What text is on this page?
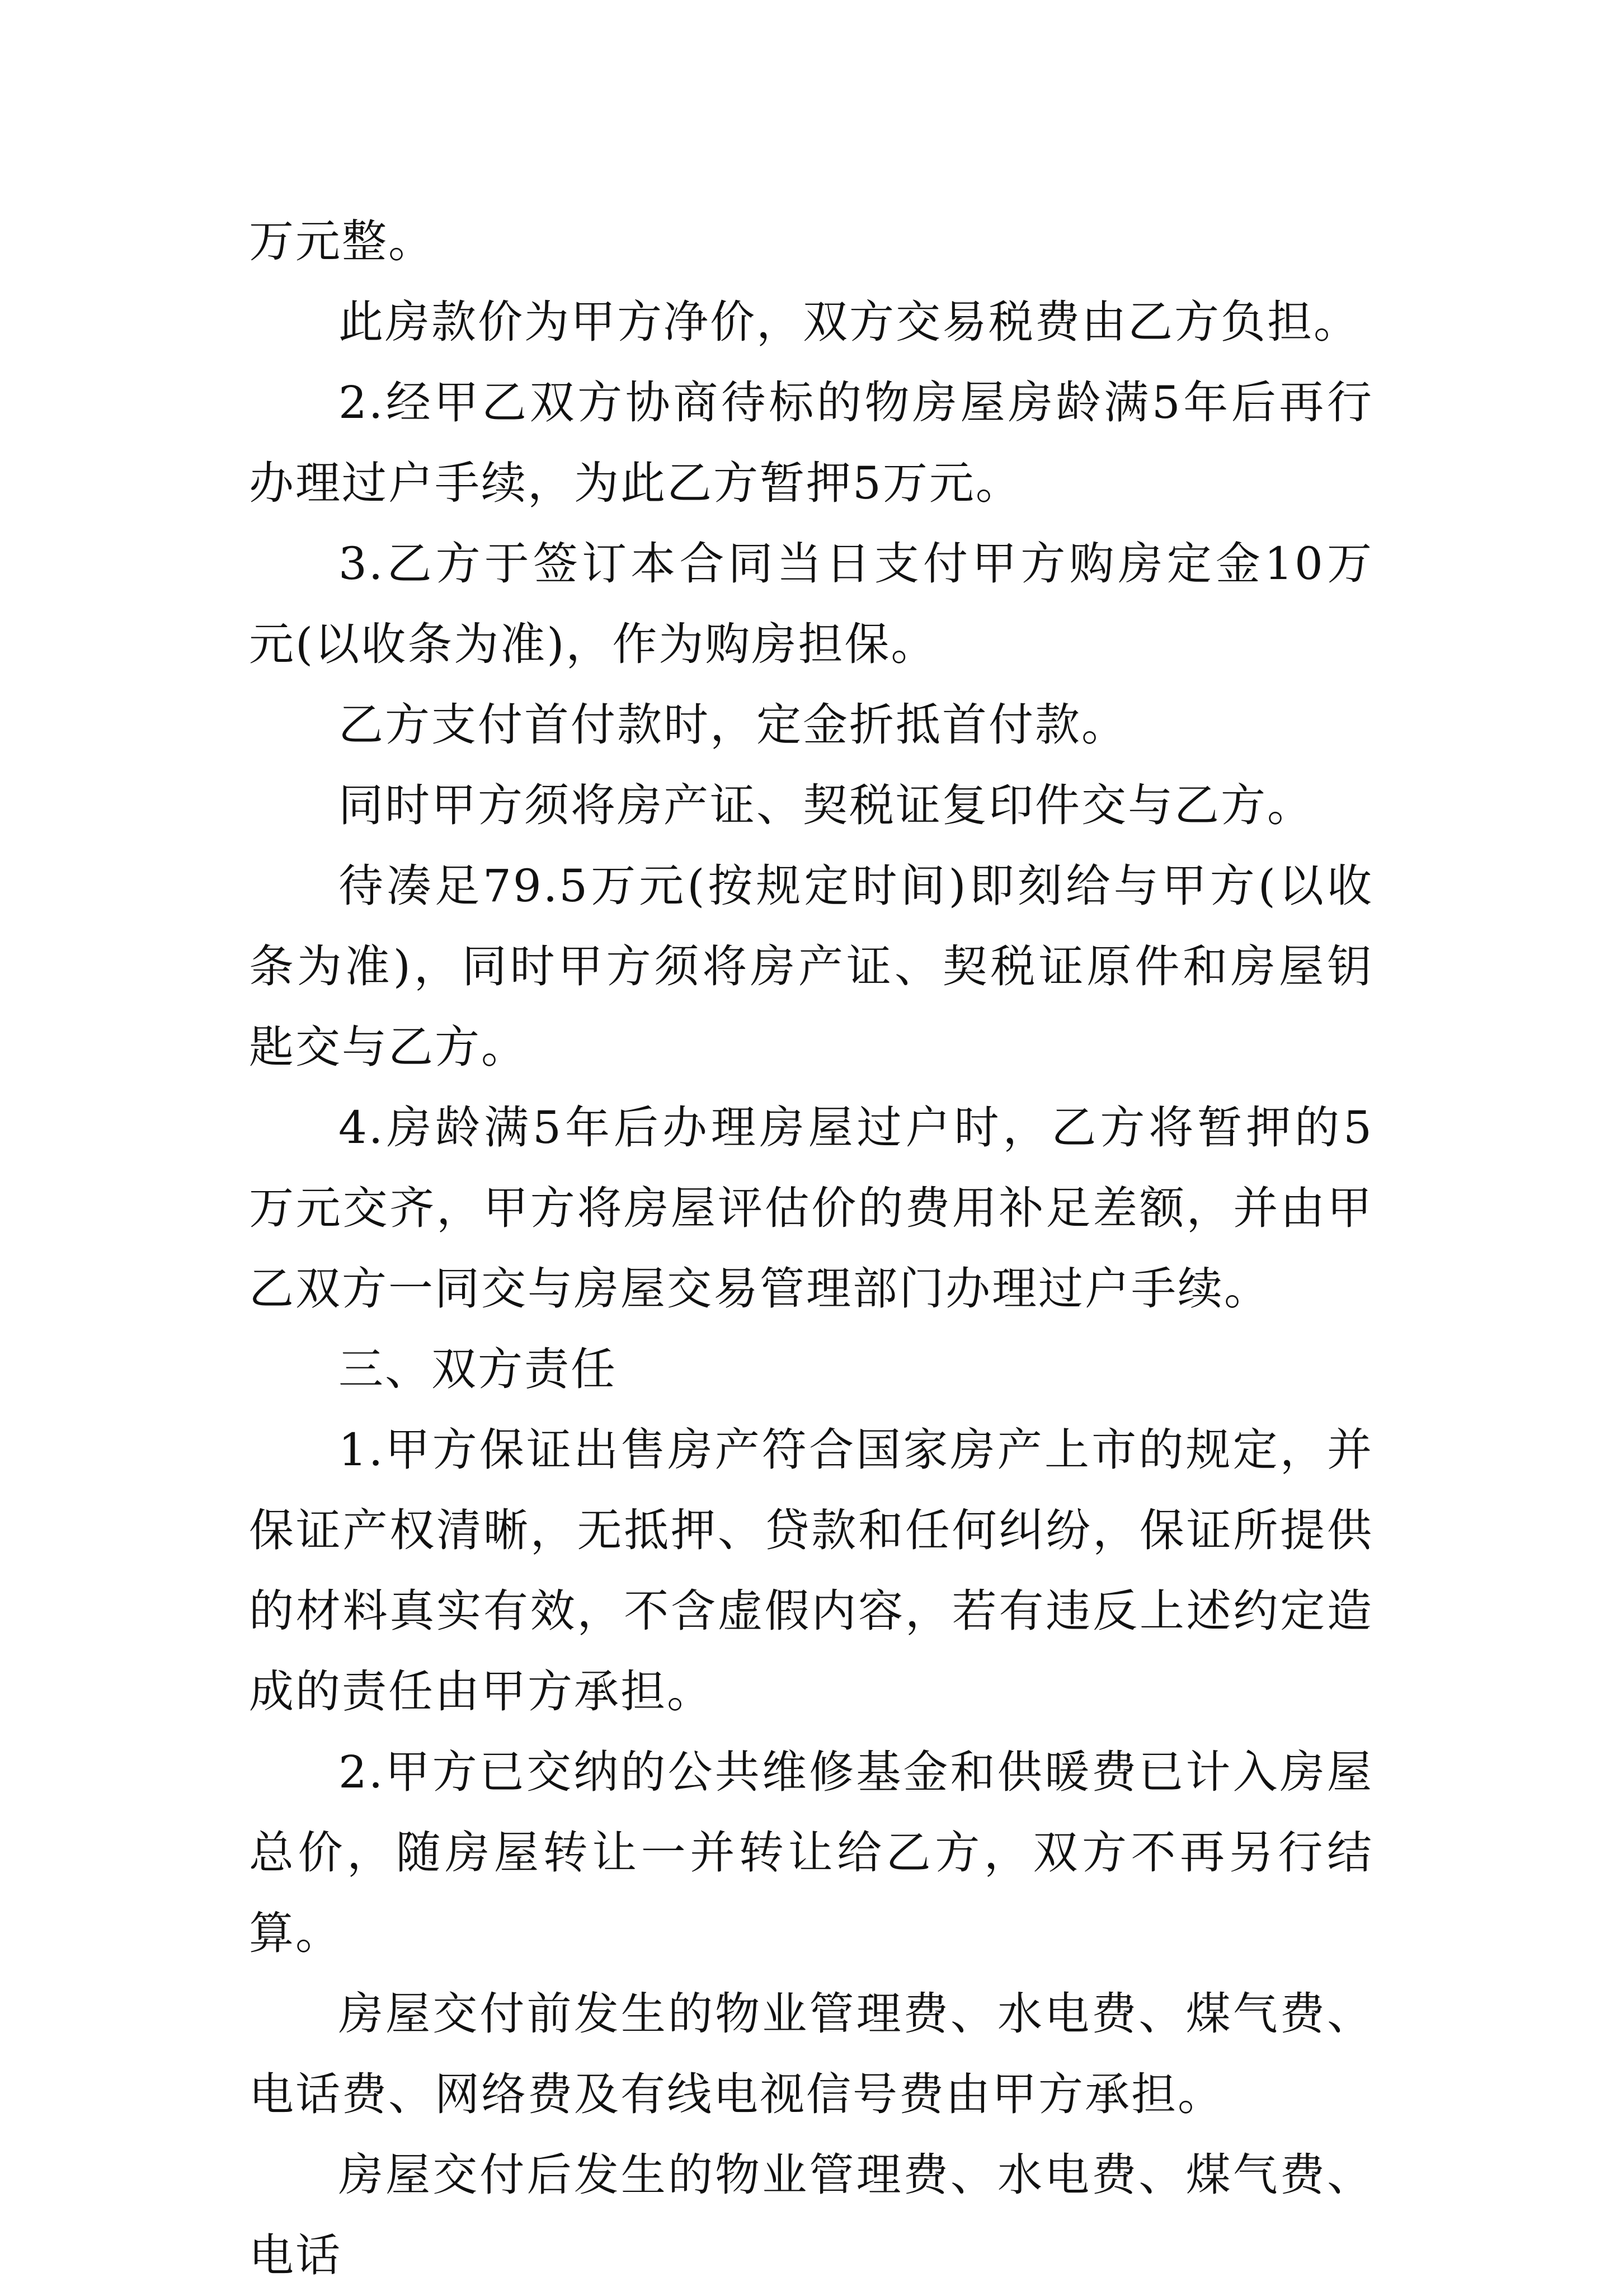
万元整。

此房款价为甲方净价，双方交易税费由乙方负担。

2.经甲乙双方协商待标的物房屋房龄满5年后再行办理过户手续，为此乙方暂押5万元。

3.乙方于签订本合同当日支付甲方购房定金10万元(以收条为准)，作为购房担保。

乙方支付首付款时，定金折抵首付款。

同时甲方须将房产证、契税证复印件交与乙方。

待凑足79.5万元(按规定时间)即刻给与甲方(以收条为准)，同时甲方须将房产证、契税证原件和房屋钥匙交与乙方。

4.房龄满5年后办理房屋过户时，乙方将暂押的5万元交齐，甲方将房屋评估价的费用补足差额，并由甲乙双方一同交与房屋交易管理部门办理过户手续。

三、双方责任

1.甲方保证出售房产符合国家房产上市的规定，并保证产权清晰，无抵押、贷款和任何纠纷，保证所提供的材料真实有效，不含虚假内容，若有违反上述约定造成的责任由甲方承担。

2.甲方已交纳的公共维修基金和供暖费已计入房屋总价，随房屋转让一并转让给乙方，双方不再另行结算。

房屋交付前发生的物业管理费、水电费、煤气费、电话费、网络费及有线电视信号费由甲方承担。

房屋交付后发生的物业管理费、水电费、煤气费、电话
